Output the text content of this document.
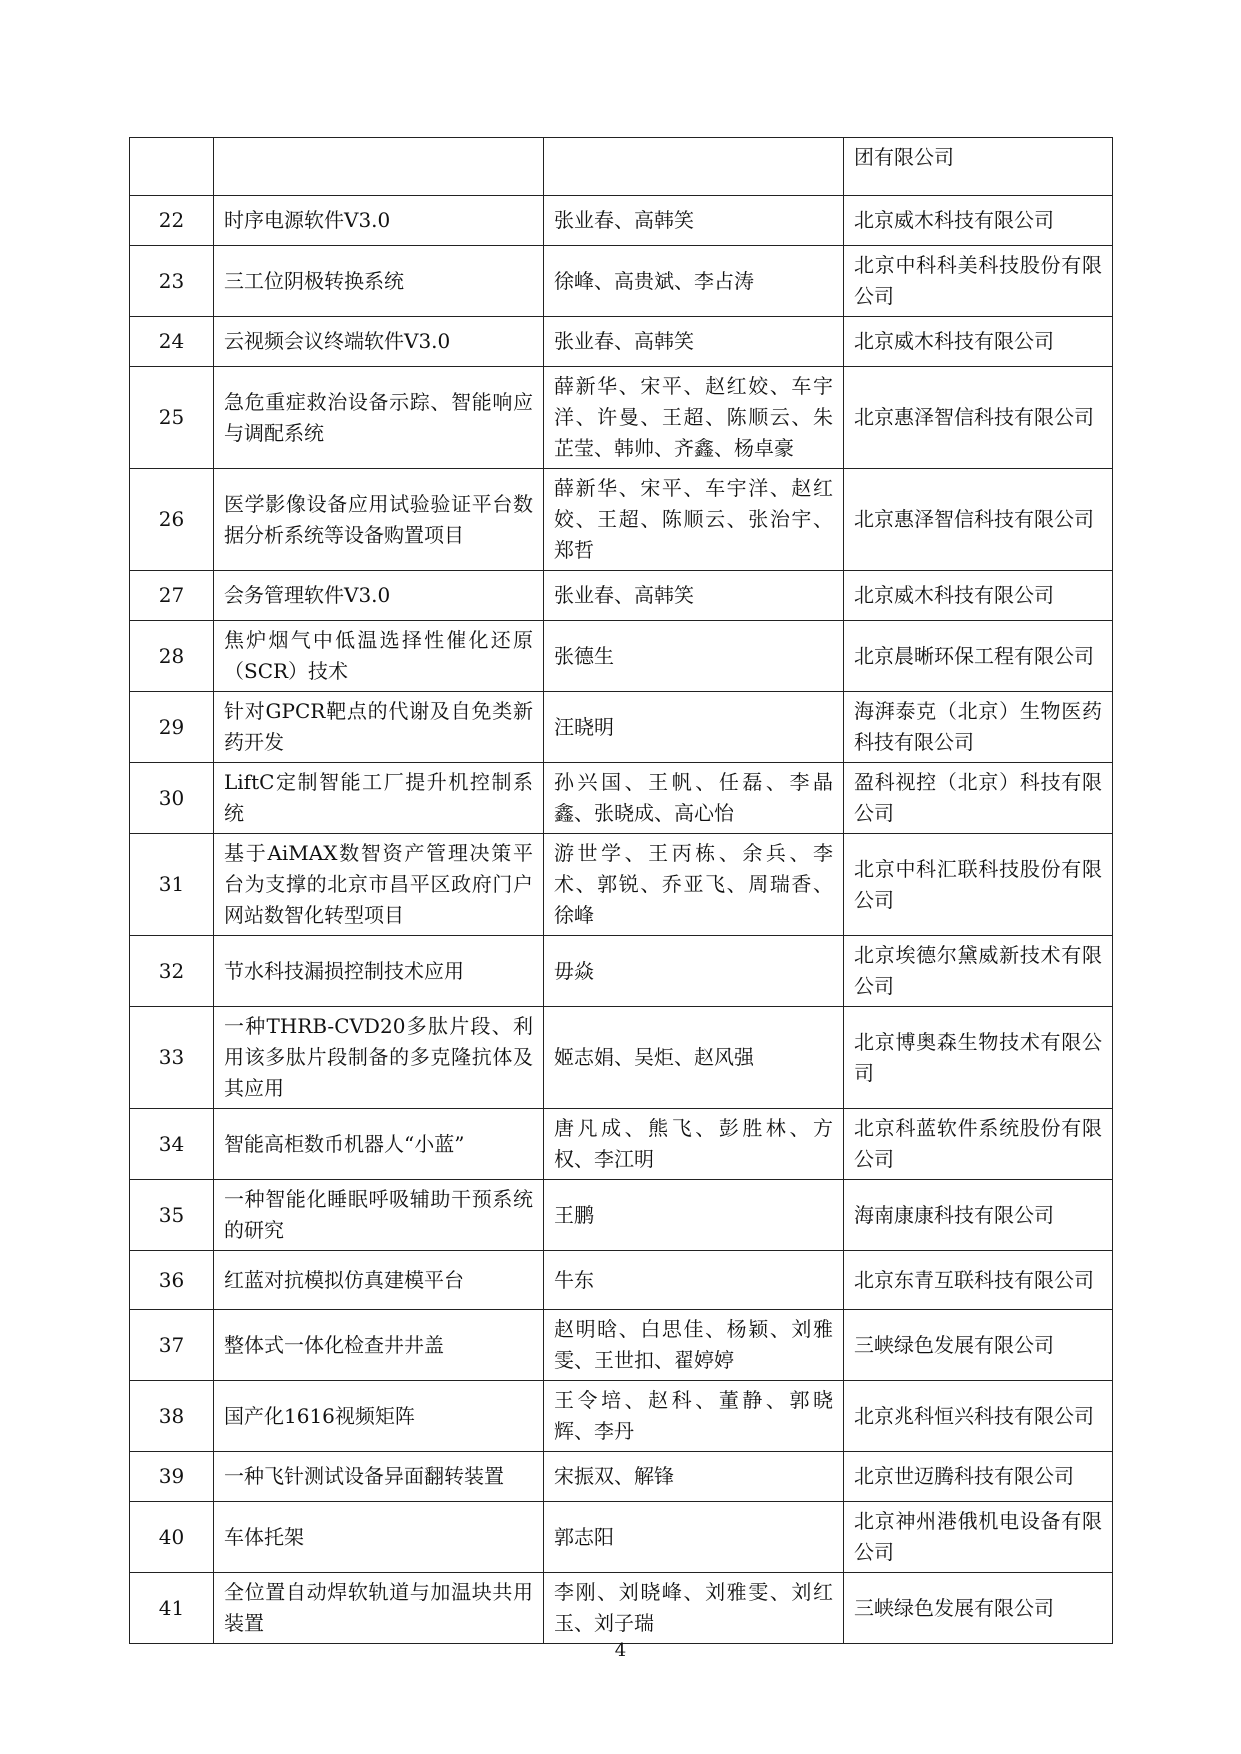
			团有限公司
22	时序电源软件V3.0	张业春、高韩笑	北京威木科技有限公司
23	三工位阴极转换系统	徐峰、高贵斌、李占涛	北京中科科美科技股份有限公司
24	云视频会议终端软件V3.0	张业春、高韩笑	北京威木科技有限公司
25	急危重症救治设备示踪、智能响应与调配系统	薛新华、宋平、赵红姣、车宇洋、许曼、王超、陈顺云、朱芷莹、韩帅、齐鑫、杨卓豪	北京惠泽智信科技有限公司
26	医学影像设备应用试验验证平台数据分析系统等设备购置项目	薛新华、宋平、车宇洋、赵红姣、王超、陈顺云、张治宇、郑哲	北京惠泽智信科技有限公司
27	会务管理软件V3.0	张业春、高韩笑	北京威木科技有限公司
28	焦炉烟气中低温选择性催化还原（SCR）技术	张德生	北京晨晰环保工程有限公司
29	针对GPCR靶点的代谢及自免类新药开发	汪晓明	海湃泰克（北京）生物医药科技有限公司
30	LiftC定制智能工厂提升机控制系统	孙兴国、王帆、任磊、李晶鑫、张晓成、高心怡	盈科视控（北京）科技有限公司
31	基于AiMAX数智资产管理决策平台为支撑的北京市昌平区政府门户网站数智化转型项目	游世学、王丙栋、余兵、李术、郭锐、乔亚飞、周瑞香、徐峰	北京中科汇联科技股份有限公司
32	节水科技漏损控制技术应用	毋焱	北京埃德尔黛威新技术有限公司
33	一种THRB-CVD20多肽片段、利用该多肽片段制备的多克隆抗体及其应用	姬志娟、吴炬、赵风强	北京博奥森生物技术有限公司
34	智能高柜数币机器人“小蓝”	唐凡成、熊飞、彭胜林、方权、李江明	北京科蓝软件系统股份有限公司
35	一种智能化睡眠呼吸辅助干预系统的研究	王鹏	海南康康科技有限公司
36	红蓝对抗模拟仿真建模平台	牛东	北京东青互联科技有限公司
37	整体式一体化检查井井盖	赵明晗、白思佳、杨颖、刘雅雯、王世扣、翟婷婷	三峡绿色发展有限公司
38	国产化1616视频矩阵	王令培、赵科、董静、郭晓辉、李丹	北京兆科恒兴科技有限公司
39	一种飞针测试设备异面翻转装置	宋振双、解锋	北京世迈腾科技有限公司
40	车体托架	郭志阳	北京神州港俄机电设备有限公司
41	全位置自动焊软轨道与加温块共用装置	李刚、刘晓峰、刘雅雯、刘红玉、刘子瑞	三峡绿色发展有限公司
4
